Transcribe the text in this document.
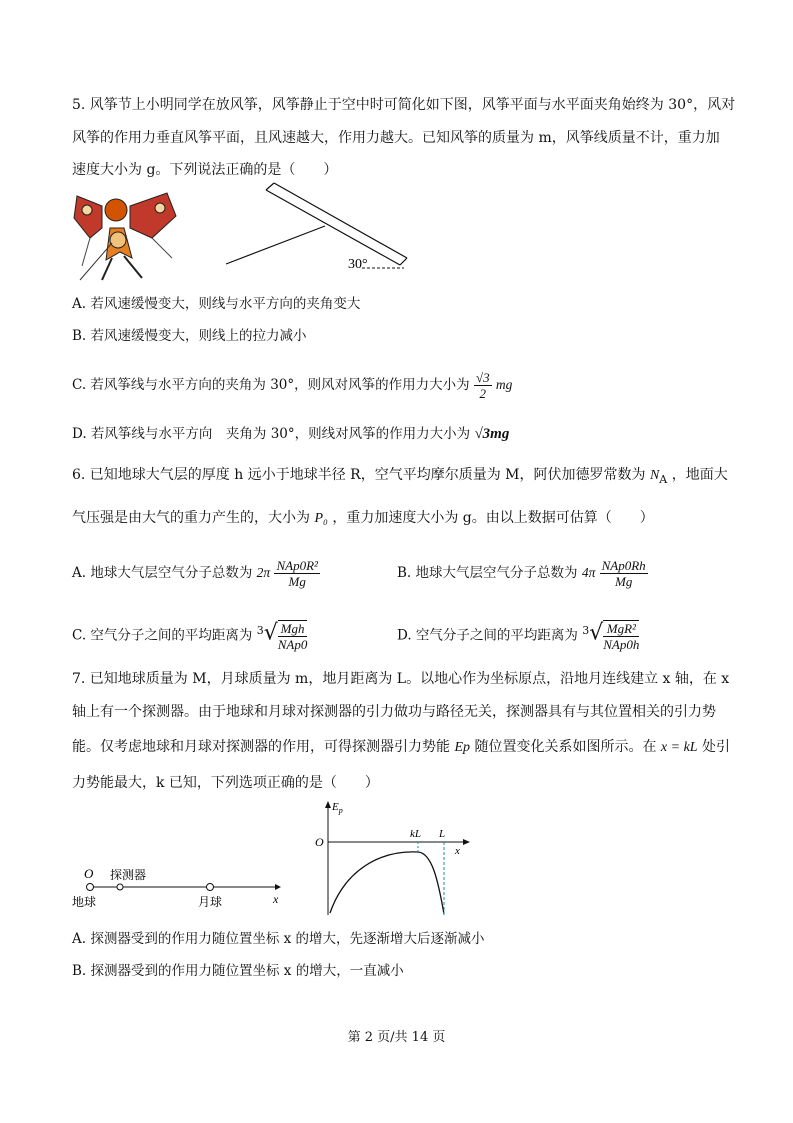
5. 风筝节上小明同学在放风筝，风筝静止于空中时可简化如下图，风筝平面与水平面夹角始终为 30°，风对
风筝的作用力垂直风筝平面，且风速越大，作用力越大。已知风筝的质量为 m，风筝线质量不计，重力加
速度大小为 g。下列说法正确的是（　　）
30°
A. 若风速缓慢变大，则线与水平方向的夹角变大
B. 若风速缓慢变大，则线上的拉力减小
C. 若风筝线与水平方向的夹角为 30°，则风对风筝的作用力大小为 $\frac{√3}{2}$ mg
D. 若风筝线与水平方向　夹角为 30°，则线对风筝的作用力大小为 √3mg
6. 已知地球大气层的厚度 h 远小于地球半径 R，空气平均摩尔质量为 M，阿伏加德罗常数为 $N_A$ ，地面大
气压强是由大气的重力产生的，大小为 P₀ ，重力加速度大小为 g。由以上数据可估算（　　）
A. 地球大气层空气分子总数为 $2\pi \frac{\text{NAp0R²}}{Mg}$	B. 地球大气层空气分子总数为 $4\pi \frac{\text{NAp0Rh}}{Mg}$
C. 空气分子之间的平均距离为 $^3√ \frac{\text{Mgh}}{\text{NAp0}}$	D. 空气分子之间的平均距离为 $^3√ \frac{\text{MgR²}}{\text{NAp0h}}$
7. 已知地球质量为 M，月球质量为 m，地月距离为 L。以地心作为坐标原点，沿地月连线建立 x 轴，在 x
轴上有一个探测器。由于地球和月球对探测器的引力做功与路径无关，探测器具有与其位置相关的引力势
能。仅考虑地球和月球对探测器的作用，可得探测器引力势能 Ep 随位置变化关系如图所示。在 x = kL 处引
力势能最大，k 已知，下列选项正确的是（　　）
O 探测器
地球	月球	x
$E_p$
O
kL L
x
A. 探测器受到的作用力随位置坐标 x 的增大，先逐渐增大后逐渐减小
B. 探测器受到的作用力随位置坐标 x 的增大，一直减小
第 2 页/共 14 页
